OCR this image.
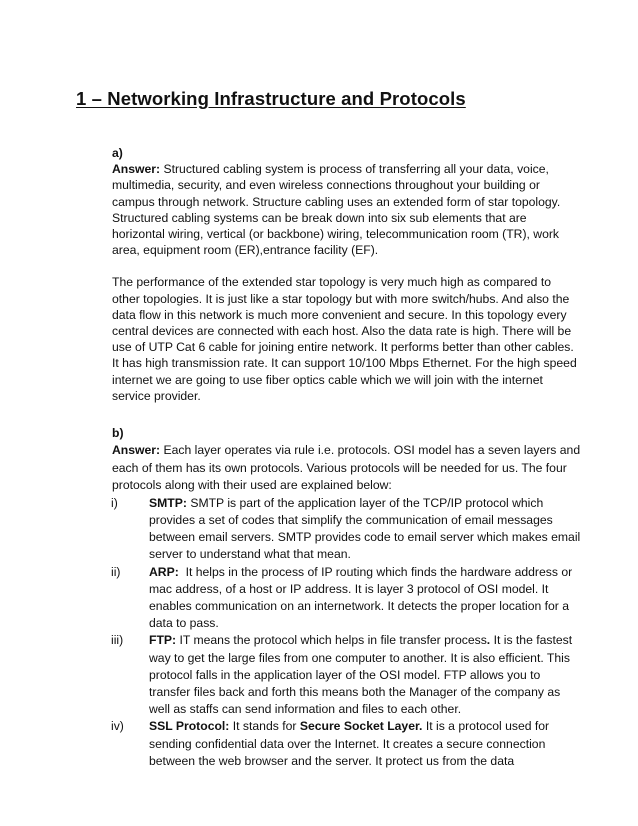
1 – Networking Infrastructure and Protocols
a)

Answer: Structured cabling system is process of transferring all your data, voice, multimedia, security, and even wireless connections throughout your building or campus through network. Structure cabling uses an extended form of star topology. Structured cabling systems can be break down into six sub elements that are horizontal wiring, vertical (or backbone) wiring, telecommunication room (TR), work area, equipment room (ER),entrance facility (EF).

The performance of the extended star topology is very much high as compared to other topologies. It is just like a star topology but with more switch/hubs. And also the data flow in this network is much more convenient and secure. In this topology every central devices are connected with each host. Also the data rate is high. There will be use of UTP Cat 6 cable for joining entire network. It performs better than other cables. It has high transmission rate. It can support 10/100 Mbps Ethernet. For the high speed internet we are going to use fiber optics cable which we will join with the internet service provider.

b)

Answer: Each layer operates via rule i.e. protocols. OSI model has a seven layers and each of them has its own protocols. Various protocols will be needed for us. The four protocols along with their used are explained below:

i)	SMTP: SMTP is part of the application layer of the TCP/IP protocol which provides a set of codes that simplify the communication of email messages between email servers. SMTP provides code to email server which makes email server to understand what that mean.
ii) ARP: It helps in the process of IP routing which finds the hardware address or mac address, of a host or IP address. It is layer 3 protocol of OSI model. It enables communication on an internetwork. It detects the proper location for a data to pass.
iii) FTP: IT means the protocol which helps in file transfer process. It is the fastest way to get the large files from one computer to another. It is also efficient. This protocol falls in the application layer of the OSI model. FTP allows you to transfer files back and forth this means both the Manager of the company as well as staffs can send information and files to each other.
iv) SSL Protocol: It stands for Secure Socket Layer. It is a protocol used for sending confidential data over the Internet. It creates a secure connection between the web browser and the server. It protect us from the data
